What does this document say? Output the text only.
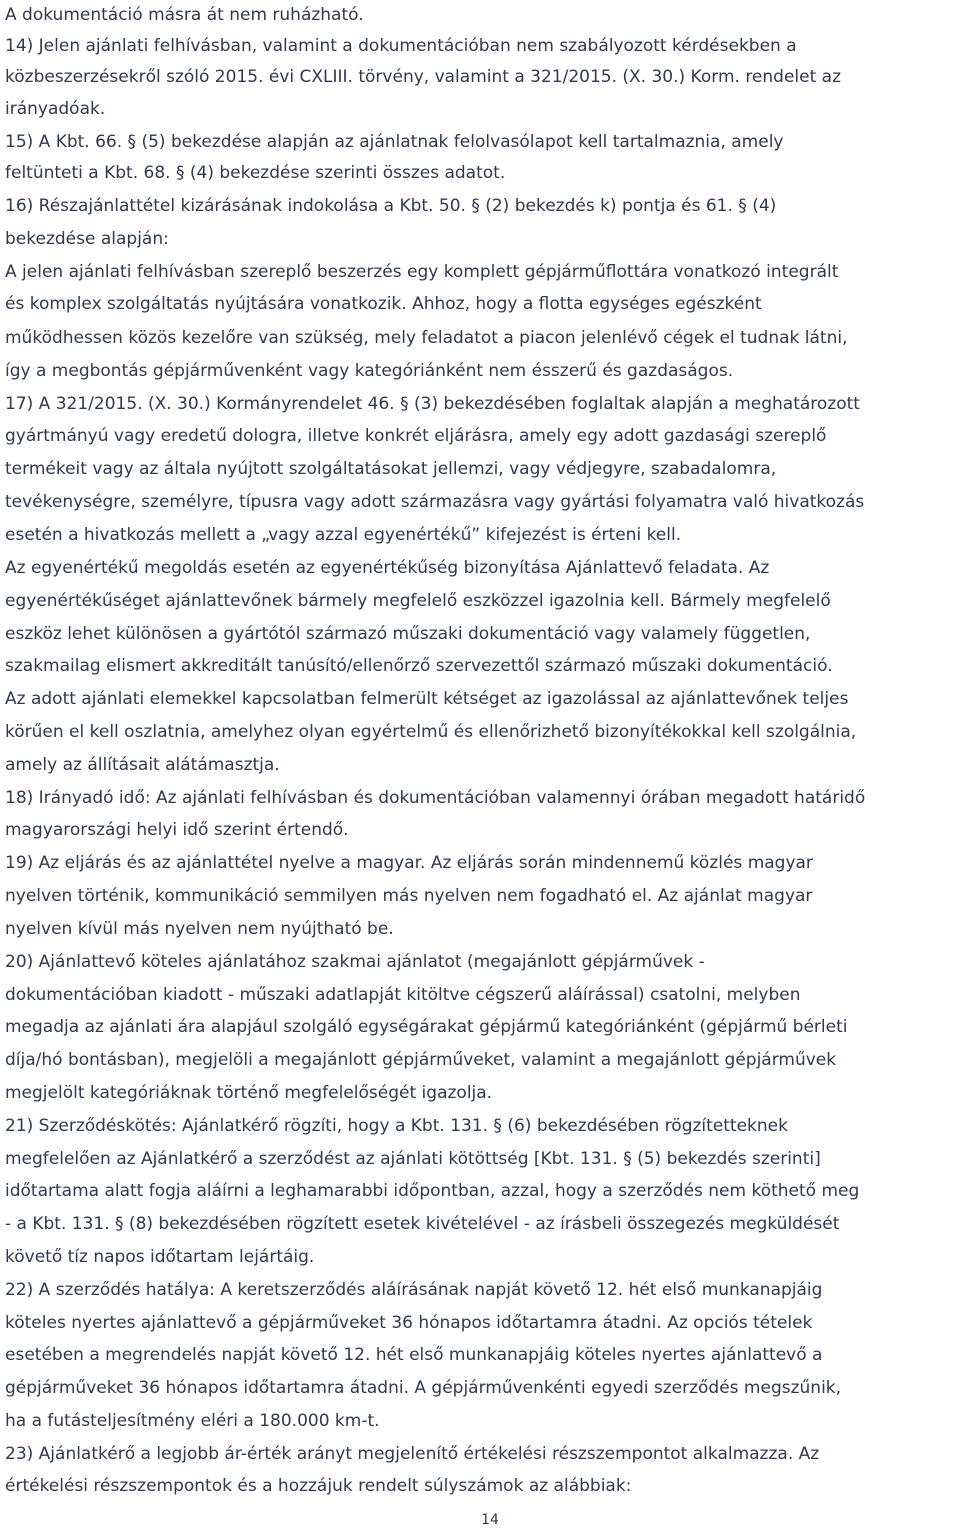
A dokumentáció másra át nem ruházható.
14) Jelen ajánlati felhívásban, valamint a dokumentációban nem szabályozott kérdésekben a
közbeszerzésekről szóló 2015. évi CXLIII. törvény, valamint a 321/2015. (X. 30.) Korm. rendelet az
irányadóak.
15) A Kbt. 66. § (5) bekezdése alapján az ajánlatnak felolvasólapot kell tartalmaznia, amely
feltünteti a Kbt. 68. § (4) bekezdése szerinti összes adatot.
16) Részajánlattétel kizárásának indokolása a Kbt. 50. § (2) bekezdés k) pontja és 61. § (4)
bekezdése alapján:
A jelen ajánlati felhívásban szereplő beszerzés egy komplett gépjárműflottára vonatkozó integrált
és komplex szolgáltatás nyújtására vonatkozik. Ahhoz, hogy a flotta egységes egészként
működhessen közös kezelőre van szükség, mely feladatot a piacon jelenlévő cégek el tudnak látni,
így a megbontás gépjárművenként vagy kategóriánként nem ésszerű és gazdaságos.
17) A 321/2015. (X. 30.) Kormányrendelet 46. § (3) bekezdésében foglaltak alapján a meghatározott
gyártmányú vagy eredetű dologra, illetve konkrét eljárásra, amely egy adott gazdasági szereplő
termékeit vagy az általa nyújtott szolgáltatásokat jellemzi, vagy védjegyre, szabadalomra,
tevékenységre, személyre, típusra vagy adott származásra vagy gyártási folyamatra való hivatkozás
esetén a hivatkozás mellett a „vagy azzal egyenértékű” kifejezést is érteni kell.
Az egyenértékű megoldás esetén az egyenértékűség bizonyítása Ajánlattevő feladata. Az
egyenértékűséget ajánlattevőnek bármely megfelelő eszközzel igazolnia kell. Bármely megfelelő
eszköz lehet különösen a gyártótól származó műszaki dokumentáció vagy valamely független,
szakmailag elismert akkreditált tanúsító/ellenőrző szervezettől származó műszaki dokumentáció.
Az adott ajánlati elemekkel kapcsolatban felmerült kétséget az igazolással az ajánlattevőnek teljes
körűen el kell oszlatnia, amelyhez olyan egyértelmű és ellenőrizhető bizonyítékokkal kell szolgálnia,
amely az állításait alátámasztja.
18) Irányadó idő: Az ajánlati felhívásban és dokumentációban valamennyi órában megadott határidő
magyarországi helyi idő szerint értendő.
19) Az eljárás és az ajánlattétel nyelve a magyar. Az eljárás során mindennemű közlés magyar
nyelven történik, kommunikáció semmilyen más nyelven nem fogadható el. Az ajánlat magyar
nyelven kívül más nyelven nem nyújtható be.
20) Ajánlattevő köteles ajánlatához szakmai ajánlatot (megajánlott gépjárművek -
dokumentációban kiadott - műszaki adatlapját kitöltve cégszerű aláírással) csatolni, melyben
megadja az ajánlati ára alapjául szolgáló egységárakat gépjármű kategóriánként (gépjármű bérleti
díja/hó bontásban), megjelöli a megajánlott gépjárműveket, valamint a megajánlott gépjárművek
megjelölt kategóriáknak történő megfelelőségét igazolja.
21) Szerződéskötés: Ajánlatkérő rögzíti, hogy a Kbt. 131. § (6) bekezdésében rögzítetteknek
megfelelően az Ajánlatkérő a szerződést az ajánlati kötöttség [Kbt. 131. § (5) bekezdés szerinti]
időtartama alatt fogja aláírni a leghamarabbi időpontban, azzal, hogy a szerződés nem köthető meg
- a Kbt. 131. § (8) bekezdésében rögzített esetek kivételével - az írásbeli összegezés megküldését
követő tíz napos időtartam lejártáig.
22) A szerződés hatálya: A keretszerződés aláírásának napját követő 12. hét első munkanapjáig
köteles nyertes ajánlattevő a gépjárműveket 36 hónapos időtartamra átadni. Az opciós tételek
esetében a megrendelés napját követő 12. hét első munkanapjáig köteles nyertes ajánlattevő a
gépjárműveket 36 hónapos időtartamra átadni. A gépjárművenkénti egyedi szerződés megszűnik,
ha a futásteljesítmény eléri a 180.000 km-t.
23) Ajánlatkérő a legjobb ár-érték arányt megjelenítő értékelési részszempontot alkalmazza. Az
értékelési részszempontok és a hozzájuk rendelt súlyszámok az alábbiak:
14
